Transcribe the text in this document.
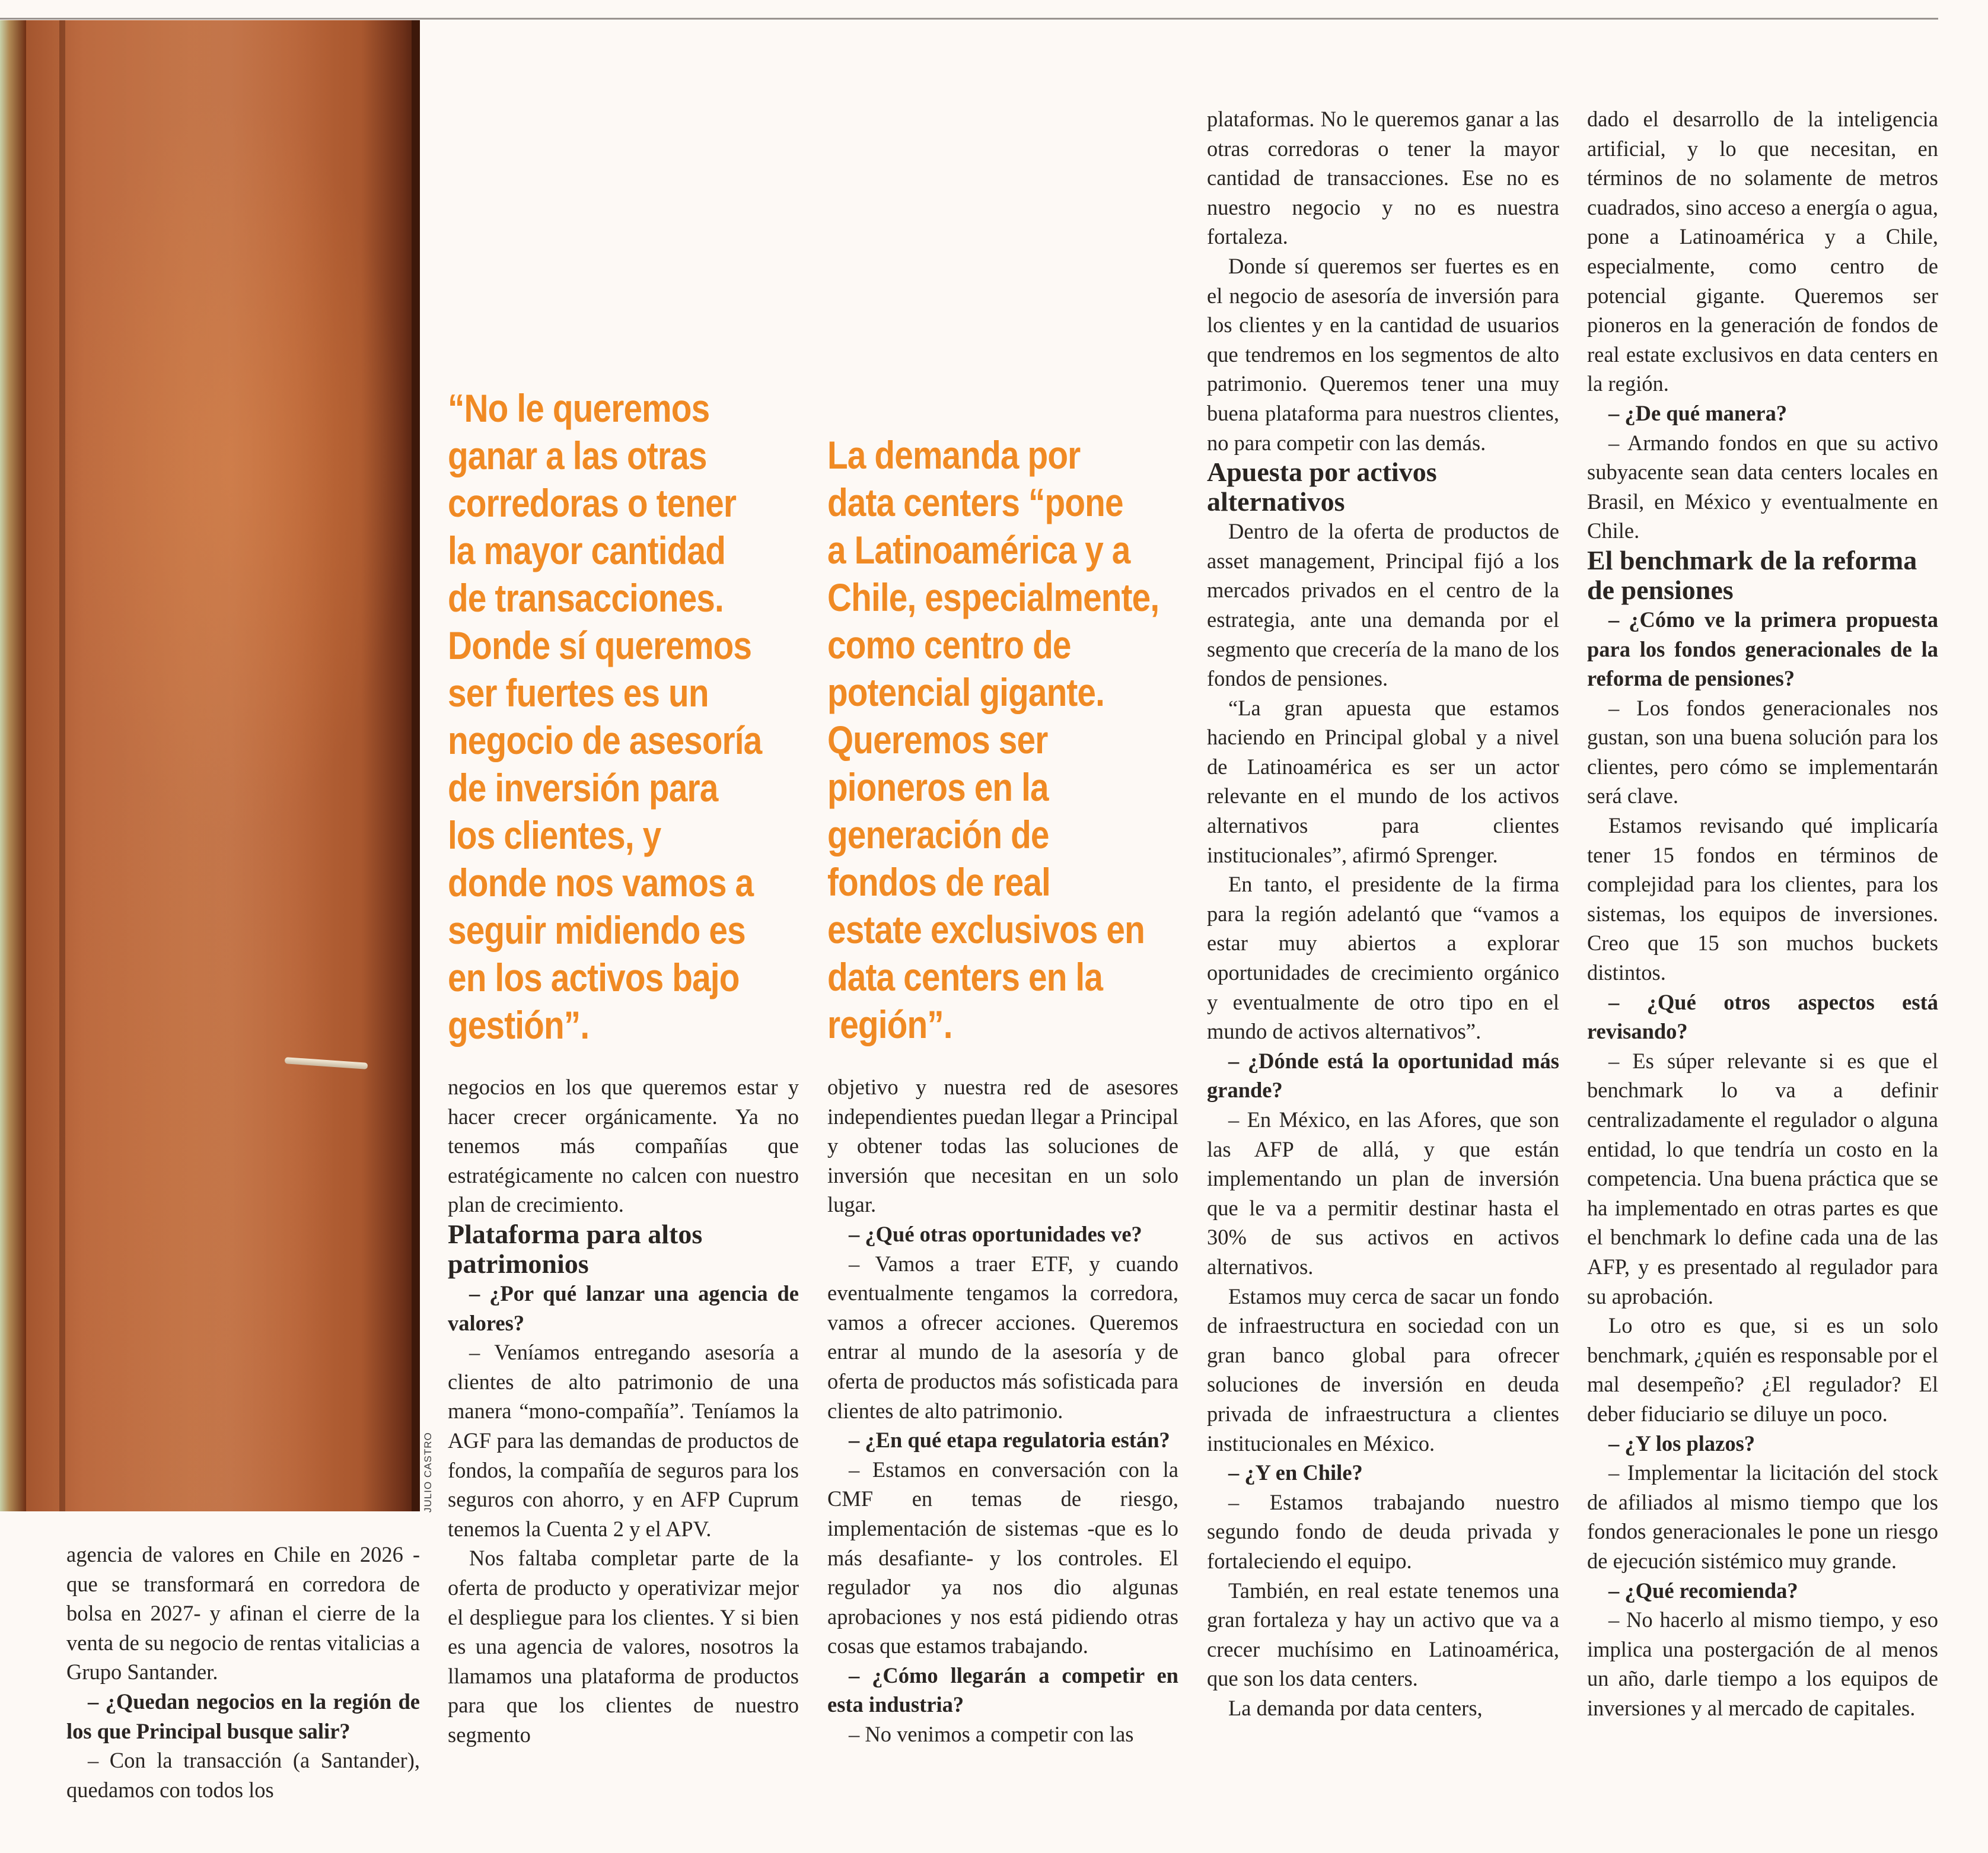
JULIO CASTRO
“No le queremos
ganar a las otras
corredoras o tener
la mayor cantidad
de transacciones.
Donde sí queremos
ser fuertes es un
negocio de asesoría
de inversión para
los clientes, y
donde nos vamos a
seguir midiendo es
en los activos bajo
gestión”.
La demanda por
data centers “pone
a Latinoamérica y a
Chile, especialmente,
como centro de
potencial gigante.
Queremos ser
pioneros en la
generación de
fondos de real
estate exclusivos en
data centers en la
región”.

agencia de valores en Chile en 2026 -que se transformará en corredora de bolsa en 2027- y afinan el cierre de la venta de su negocio de rentas vitalicias a Grupo Santander.

– ¿Quedan negocios en la región de los que Principal busque salir?

– Con la transacción (a Santander), quedamos con todos los

negocios en los que queremos estar y hacer crecer orgánicamente. Ya no tenemos más compañías que estratégicamente no calcen con nuestro plan de crecimiento.

Plataforma para altos patrimonios

– ¿Por qué lanzar una agencia de valores?

– Veníamos entregando asesoría a clientes de alto patrimonio de una manera “mono-compañía”. Teníamos la AGF para las demandas de productos de fondos, la compañía de seguros para los seguros con ahorro, y en AFP Cuprum tenemos la Cuenta 2 y el APV.

Nos faltaba completar parte de la oferta de producto y operativizar mejor el despliegue para los clientes. Y si bien es una agencia de valores, nosotros la llamamos una plataforma de productos para que los clientes de nuestro segmento

objetivo y nuestra red de asesores independientes puedan llegar a Principal y obtener todas las soluciones de inversión que necesitan en un solo lugar.

– ¿Qué otras oportunidades ve?

– Vamos a traer ETF, y cuando eventualmente tengamos la corredora, vamos a ofrecer acciones. Queremos entrar al mundo de la asesoría y de oferta de productos más sofisticada para clientes de alto patrimonio.

– ¿En qué etapa regulatoria están?

– Estamos en conversación con la CMF en temas de riesgo, implementación de sistemas -que es lo más desafiante- y los controles. El regulador ya nos dio algunas aprobaciones y nos está pidiendo otras cosas que estamos trabajando.

– ¿Cómo llegarán a competir en esta industria?

– No venimos a competir con las

plataformas. No le queremos ganar a las otras corredoras o tener la mayor cantidad de transacciones. Ese no es nuestro negocio y no es nuestra fortaleza.

Donde sí queremos ser fuertes es en el negocio de asesoría de inversión para los clientes y en la cantidad de usuarios que tendremos en los segmentos de alto patrimonio. Queremos tener una muy buena plataforma para nuestros clientes, no para competir con las demás.

Apuesta por activos alternativos

Dentro de la oferta de productos de asset management, Principal fijó a los mercados privados en el centro de la estrategia, ante una demanda por el segmento que crecería de la mano de los fondos de pensiones.

“La gran apuesta que estamos haciendo en Principal global y a nivel de Latinoamérica es ser un actor relevante en el mundo de los activos alternativos para clientes institucionales”, afirmó Sprenger.

En tanto, el presidente de la firma para la región adelantó que “vamos a estar muy abiertos a explorar oportunidades de crecimiento orgánico y eventualmente de otro tipo en el mundo de activos alternativos”.

– ¿Dónde está la oportunidad más grande?

– En México, en las Afores, que son las AFP de allá, y que están implementando un plan de inversión que le va a permitir destinar hasta el 30% de sus activos en activos alternativos.

Estamos muy cerca de sacar un fondo de infraestructura en sociedad con un gran banco global para ofrecer soluciones de inversión en deuda privada de infraestructura a clientes institucionales en México.

– ¿Y en Chile?

– Estamos trabajando nuestro segundo fondo de deuda privada y fortaleciendo el equipo.

También, en real estate tenemos una gran fortaleza y hay un activo que va a crecer muchísimo en Latinoamérica, que son los data centers.

La demanda por data centers,

dado el desarrollo de la inteligencia artificial, y lo que necesitan, en términos de no solamente de metros cuadrados, sino acceso a energía o agua, pone a Latinoamérica y a Chile, especialmente, como centro de potencial gigante. Queremos ser pioneros en la generación de fondos de real estate exclusivos en data centers en la región.

– ¿De qué manera?

– Armando fondos en que su activo subyacente sean data centers locales en Brasil, en México y eventualmente en Chile.

El benchmark de la reforma de pensiones

– ¿Cómo ve la primera propuesta para los fondos generacionales de la reforma de pensiones?

– Los fondos generacionales nos gustan, son una buena solución para los clientes, pero cómo se implementarán será clave.

Estamos revisando qué implicaría tener 15 fondos en términos de complejidad para los clientes, para los sistemas, los equipos de inversiones. Creo que 15 son muchos buckets distintos.

– ¿Qué otros aspectos está revisando?

– Es súper relevante si es que el benchmark lo va a definir centralizadamente el regulador o alguna entidad, lo que tendría un costo en la competencia. Una buena práctica que se ha implementado en otras partes es que el benchmark lo define cada una de las AFP, y es presentado al regulador para su aprobación.

Lo otro es que, si es un solo benchmark, ¿quién es responsable por el mal desempeño? ¿El regulador? El deber fiduciario se diluye un poco.

– ¿Y los plazos?

– Implementar la licitación del stock de afiliados al mismo tiempo que los fondos generacionales le pone un riesgo de ejecución sistémico muy grande.

– ¿Qué recomienda?

– No hacerlo al mismo tiempo, y eso implica una postergación de al menos un año, darle tiempo a los equipos de inversiones y al mercado de capitales.
